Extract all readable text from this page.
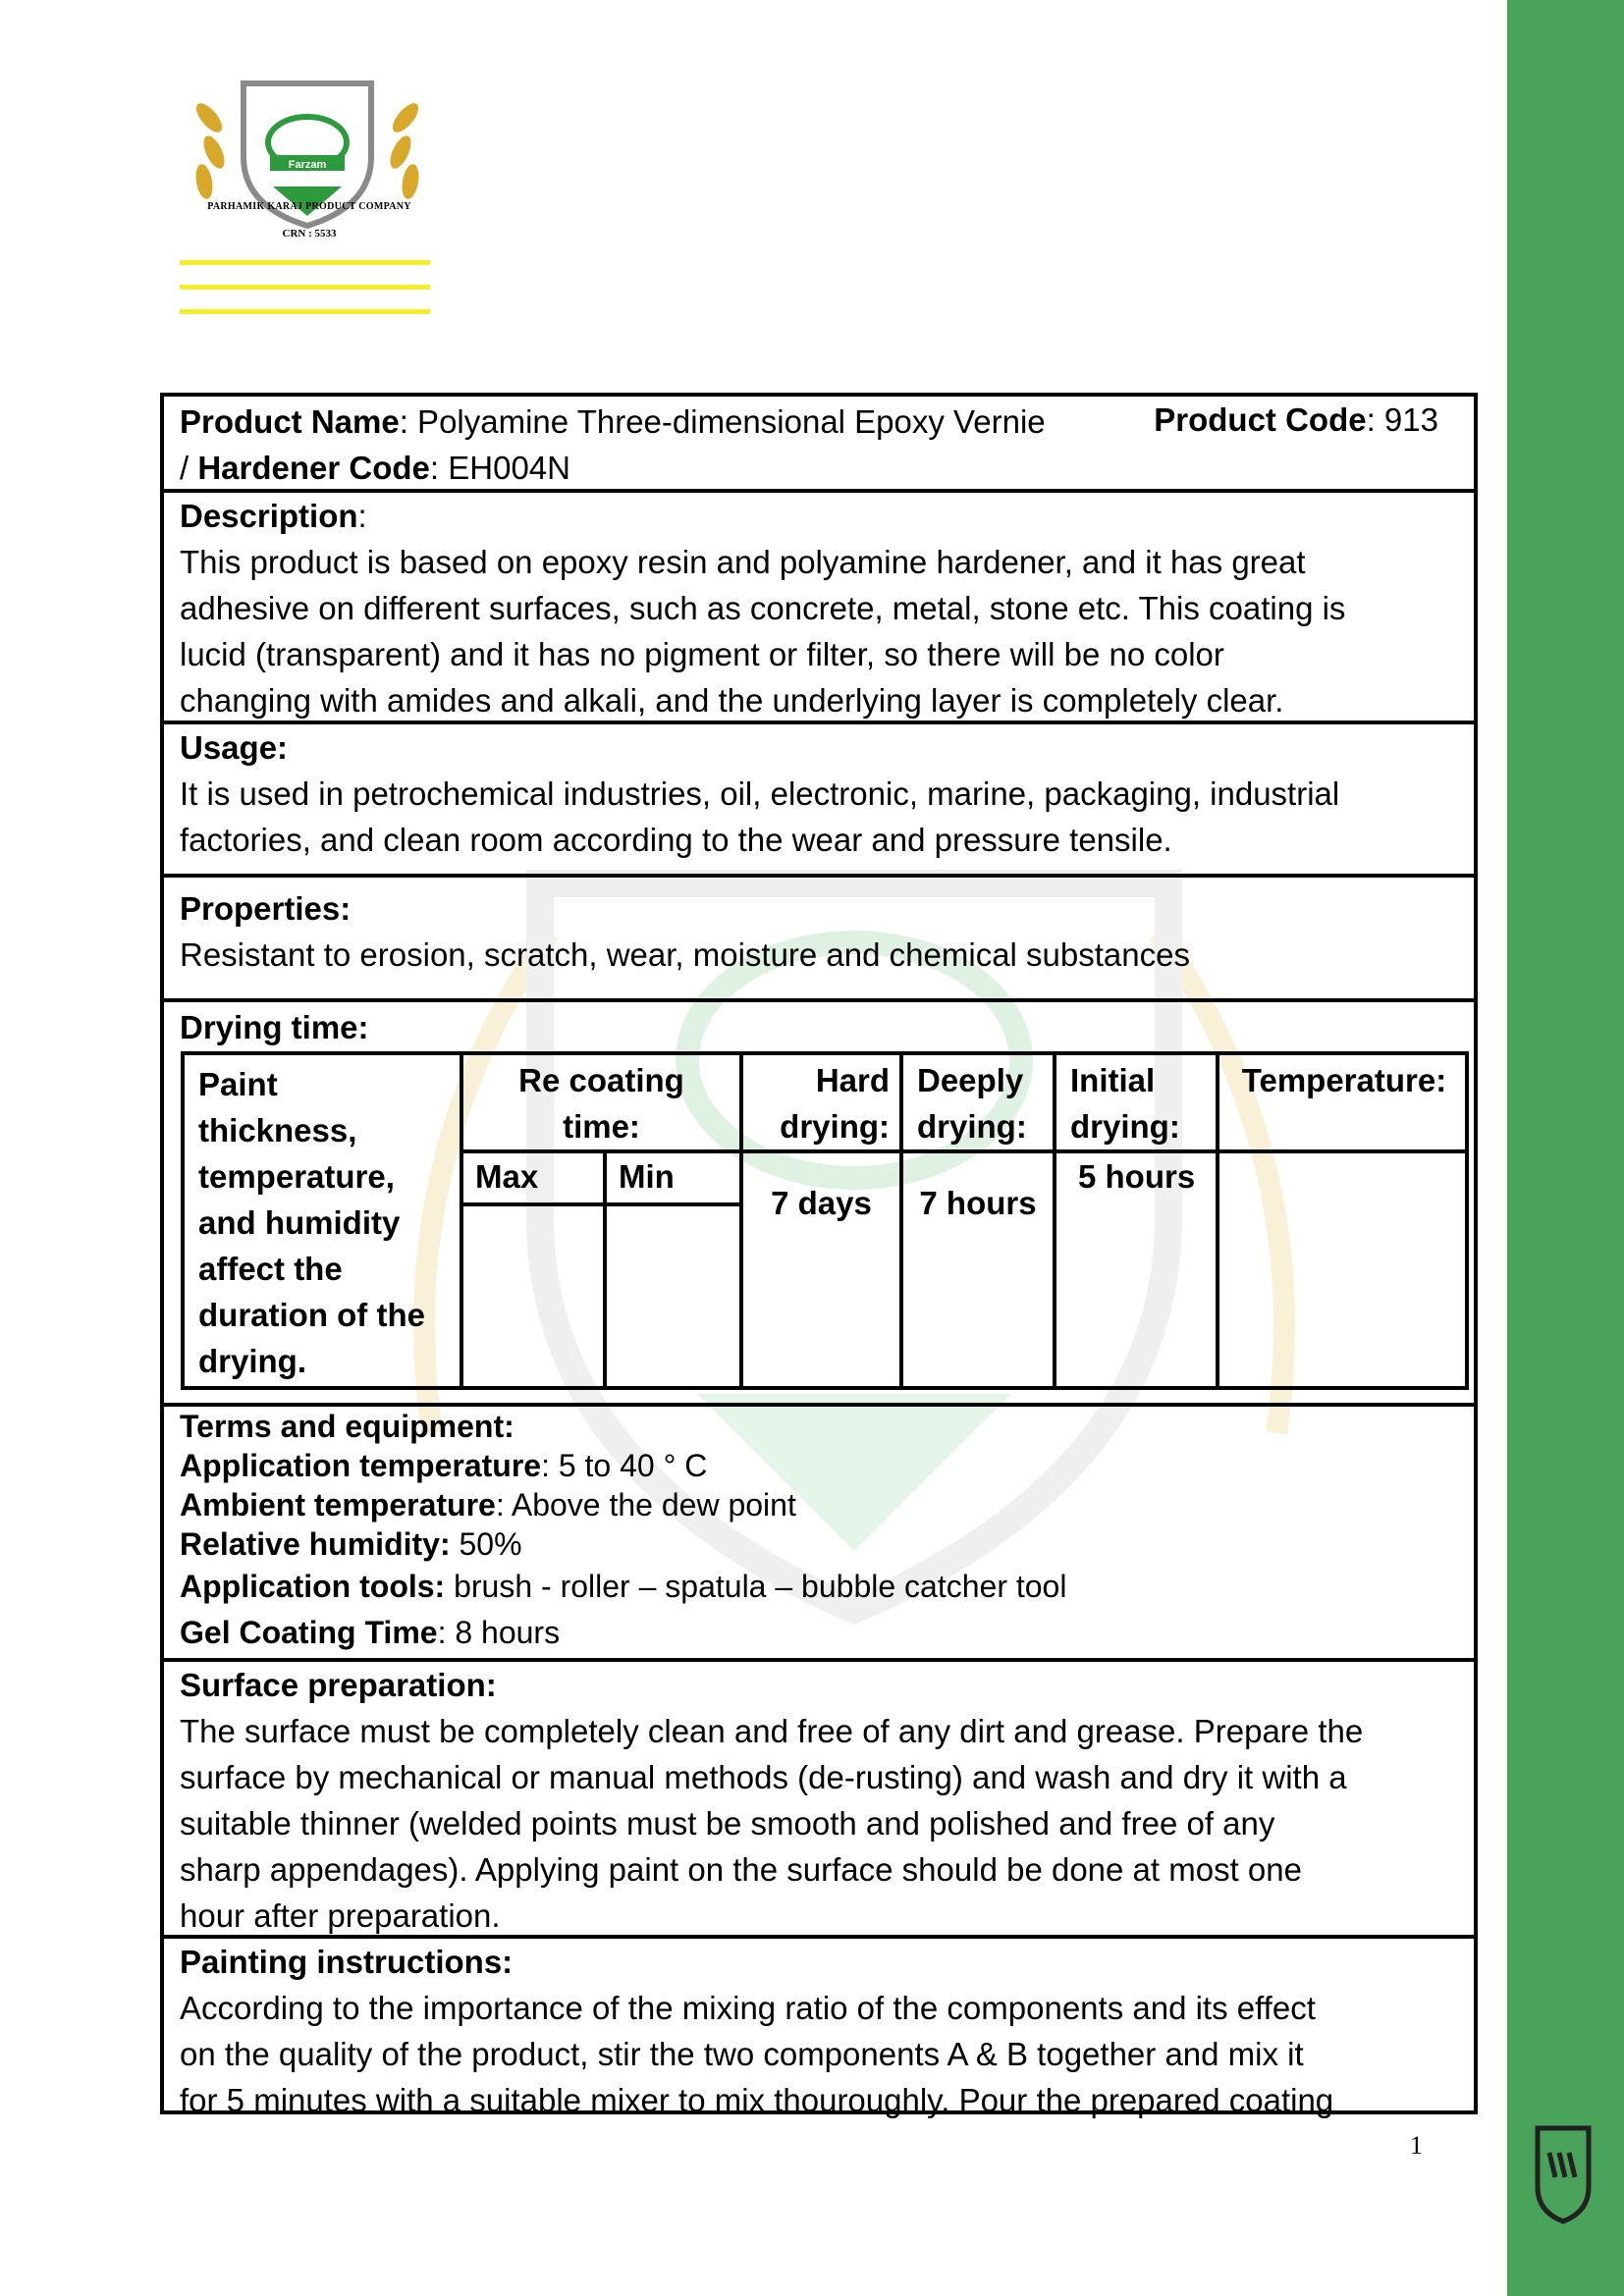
Farzam
PARHAMIK KARAJ PRODUCT COMPANY
CRN : 5533
Product Name: Polyamine Three-dimensional Epoxy Vernie	Product Code: 913
/ Hardener Code: EH004N
Description:
This product is based on epoxy resin and polyamine hardener, and it has great
adhesive on different surfaces, such as concrete, metal, stone etc. This coating is
lucid (transparent) and it has no pigment or filter, so there will be no color
changing with amides and alkali, and the underlying layer is completely clear.
Usage:
It is used in petrochemical industries, oil, electronic, marine, packaging, industrial
factories, and clean room according to the wear and pressure tensile.
Properties:
Resistant to erosion, scratch, wear, moisture and chemical substances
Drying time:
Paint
thickness,
temperature,
and humidity
affect the
duration of the
drying.
Re coating
time:
Max Min
Hard
drying:
Deeply
drying:
Initial
drying:
Temperature:
7 days	7 hours
5 hours
Terms and equipment:
Application temperature: 5 to 40 ° C
Ambient temperature: Above the dew point
Relative humidity: 50%
Application tools: brush - roller – spatula – bubble catcher tool
Gel Coating Time: 8 hours
Surface preparation:
The surface must be completely clean and free of any dirt and grease. Prepare the
surface by mechanical or manual methods (de-rusting) and wash and dry it with a
suitable thinner (welded points must be smooth and polished and free of any
sharp appendages). Applying paint on the surface should be done at most one
hour after preparation.
Painting instructions:
According to the importance of the mixing ratio of the components and its effect
on the quality of the product, stir the two components A & B together and mix it
for 5 minutes with a suitable mixer to mix thouroughly. Pour the prepared coating
1
